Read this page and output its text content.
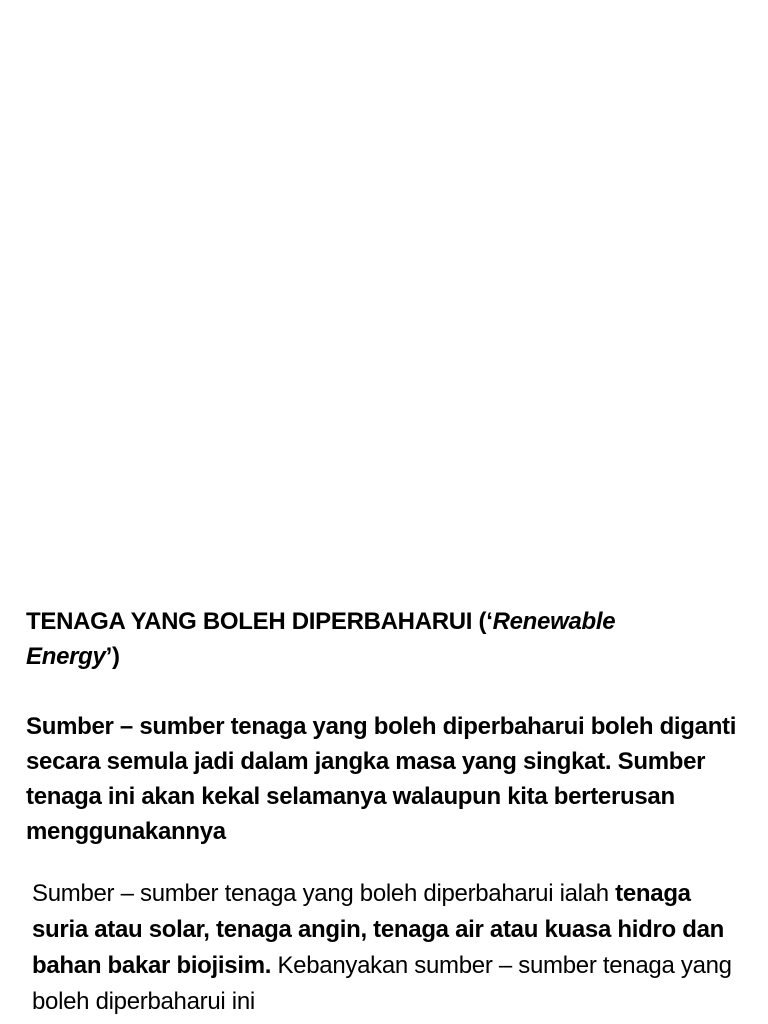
TENAGA YANG BOLEH DIPERBAHARUI (‘Renewable
Energy’)

Sumber – sumber tenaga yang boleh diperbaharui boleh diganti secara semula jadi dalam jangka masa yang singkat. Sumber tenaga ini akan kekal selamanya walaupun kita berterusan menggunakannya

Sumber – sumber tenaga yang boleh diperbaharui ialah tenaga suria atau solar, tenaga angin, tenaga air atau kuasa hidro dan bahan bakar biojisim. Kebanyakan sumber – sumber tenaga yang boleh diperbaharui ini
